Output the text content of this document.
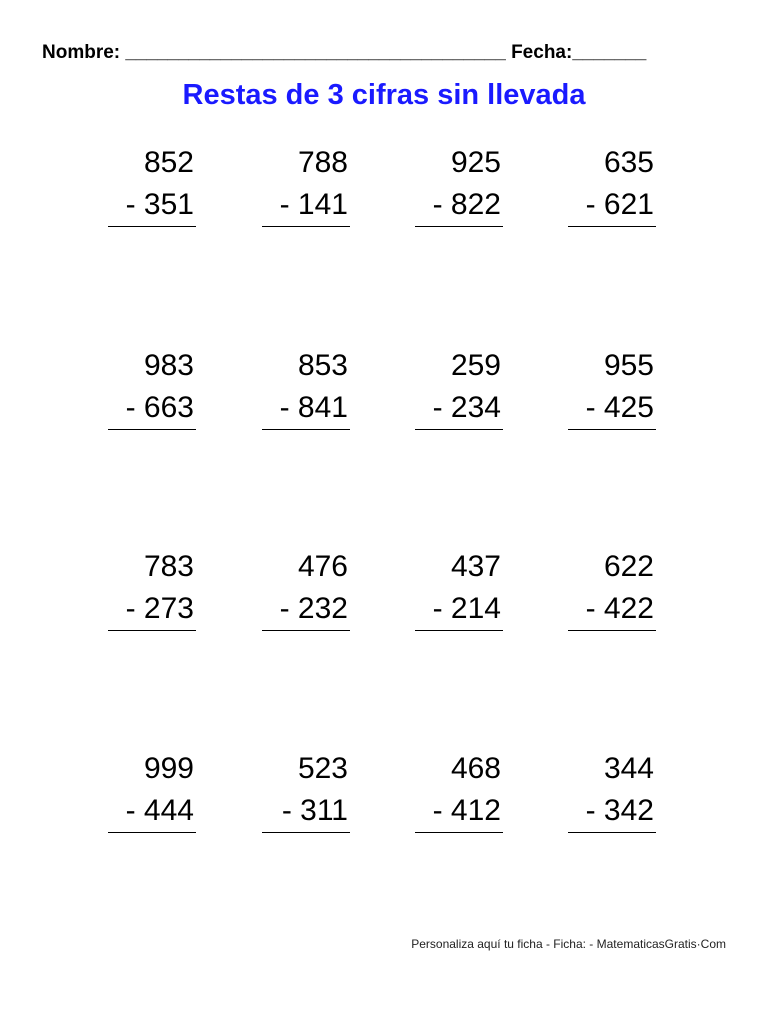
Nombre: ____________________________________ Fecha:_______
Restas de 3 cifras sin llevada
852
- 351
788
- 141
925
- 822
635
- 621
983
- 663
853
- 841
259
- 234
955
- 425
783
- 273
476
- 232
437
- 214
622
- 422
999
- 444
523
- 311
468
- 412
344
- 342
Personaliza aquí tu ficha - Ficha: - MatematicasGratis·Com
